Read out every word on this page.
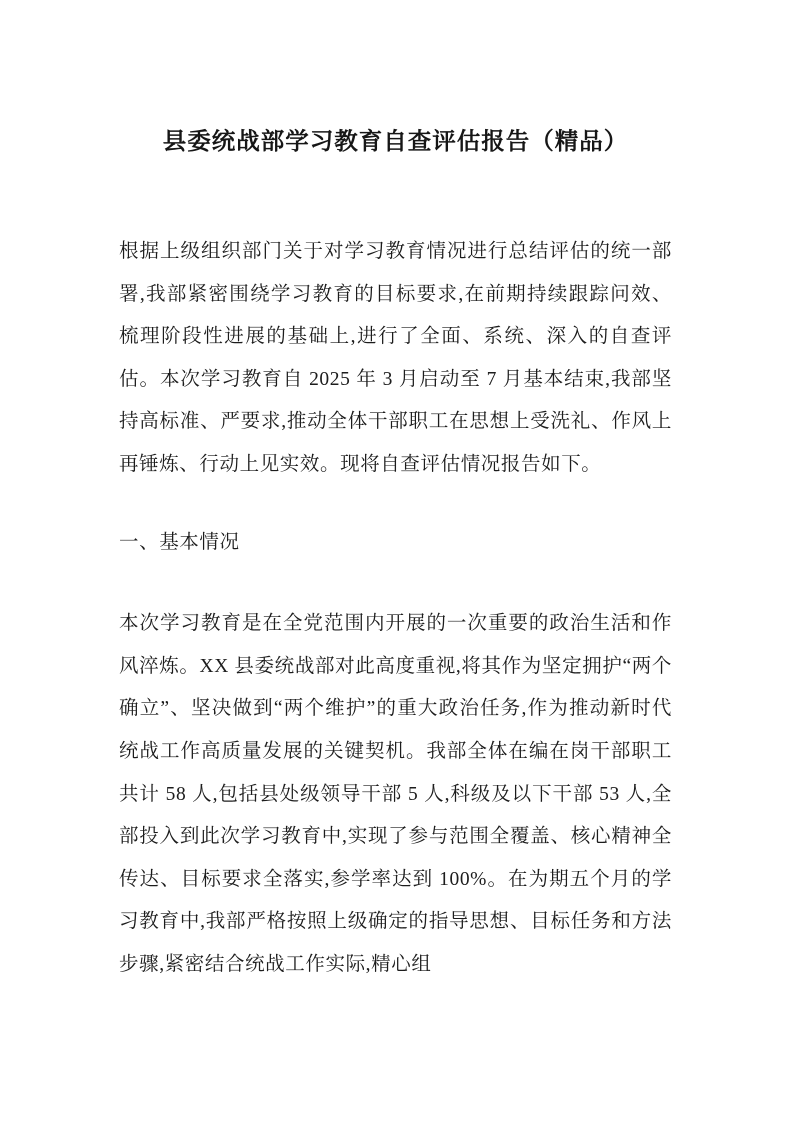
县委统战部学习教育自查评估报告（精品）

根据上级组织部门关于对学习教育情况进行总结评估的统一部署,我部紧密围绕学习教育的目标要求,在前期持续跟踪问效、梳理阶段性进展的基础上,进行了全面、系统、深入的自查评估。本次学习教育自 2025 年 3 月启动至 7 月基本结束,我部坚持高标准、严要求,推动全体干部职工在思想上受洗礼、作风上再锤炼、行动上见实效。现将自查评估情况报告如下。

一、基本情况

本次学习教育是在全党范围内开展的一次重要的政治生活和作风淬炼。XX 县委统战部对此高度重视,将其作为坚定拥护“两个确立”、坚决做到“两个维护”的重大政治任务,作为推动新时代统战工作高质量发展的关键契机。我部全体在编在岗干部职工共计 58 人,包括县处级领导干部 5 人,科级及以下干部 53 人,全部投入到此次学习教育中,实现了参与范围全覆盖、核心精神全传达、目标要求全落实,参学率达到 100%。在为期五个月的学习教育中,我部严格按照上级确定的指导思想、目标任务和方法步骤,紧密结合统战工作实际,精心组
